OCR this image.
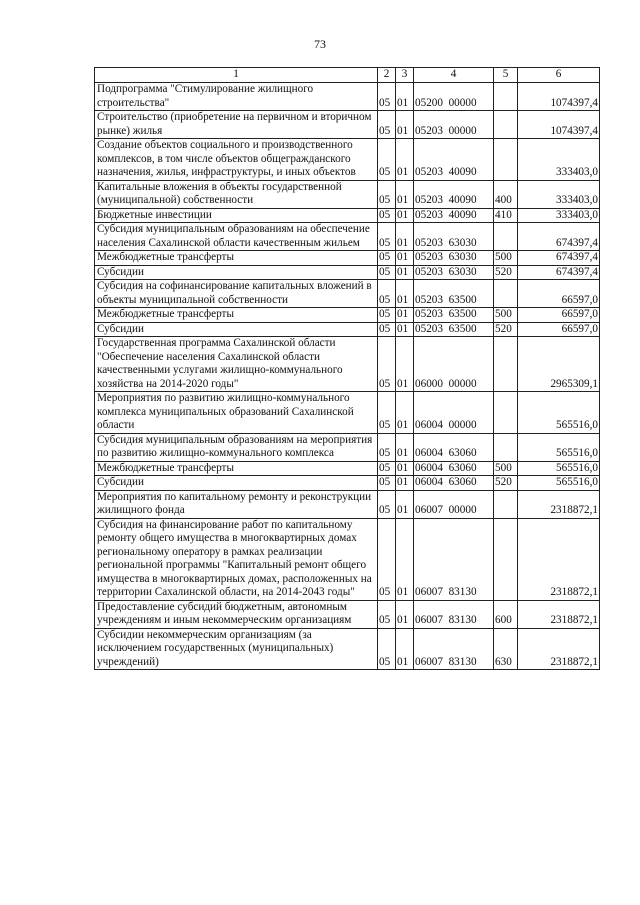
73
1	2	3	4	5	6
Подпрограмма "Стимулирование жилищного строительства"	05	01	05200  00000		1074397,4
Строительство (приобретение на первичном и вторичном рынке) жилья	05	01	05203  00000		1074397,4
Создание объектов социального и производственного комплексов, в том числе объектов общегражданского назначения, жилья, инфраструктуры, и иных объектов	05	01	05203  40090		333403,0
Капитальные вложения в объекты государственной (муниципальной) собственности	05	01	05203  40090	400	333403,0
Бюджетные инвестиции	05	01	05203  40090	410	333403,0
Субсидия муниципальным образованиям на обеспечение населения Сахалинской области качественным жильем	05	01	05203  63030		674397,4
Межбюджетные трансферты	05	01	05203  63030	500	674397,4
Субсидии	05	01	05203  63030	520	674397,4
Субсидия на софинансирование капитальных вложений в объекты муниципальной собственности	05	01	05203  63500		66597,0
Межбюджетные трансферты	05	01	05203  63500	500	66597,0
Субсидии	05	01	05203  63500	520	66597,0
Государственная программа Сахалинской области "Обеспечение населения Сахалинской области качественными услугами жилищно-коммунального хозяйства на 2014-2020 годы"	05	01	06000  00000		2965309,1
Мероприятия по развитию жилищно-коммунального комплекса муниципальных образований Сахалинской области	05	01	06004  00000		565516,0
Субсидия муниципальным образованиям на мероприятия по развитию жилищно-коммунального комплекса	05	01	06004  63060		565516,0
Межбюджетные трансферты	05	01	06004  63060	500	565516,0
Субсидии	05	01	06004  63060	520	565516,0
Мероприятия по капитальному ремонту и реконструкции жилищного фонда	05	01	06007  00000		2318872,1
Субсидия на финансирование работ по капитальному ремонту общего имущества в многоквартирных домах региональному оператору в рамках реализации региональной программы "Капитальный ремонт общего имущества в многоквартирных домах, расположенных на территории Сахалинской области, на 2014-2043 годы"	05	01	06007  83130		2318872,1
Предоставление субсидий бюджетным, автономным учреждениям и иным некоммерческим организациям	05	01	06007  83130	600	2318872,1
Субсидии некоммерческим организациям (за исключением государственных (муниципальных) учреждений)	05	01	06007  83130	630	2318872,1
